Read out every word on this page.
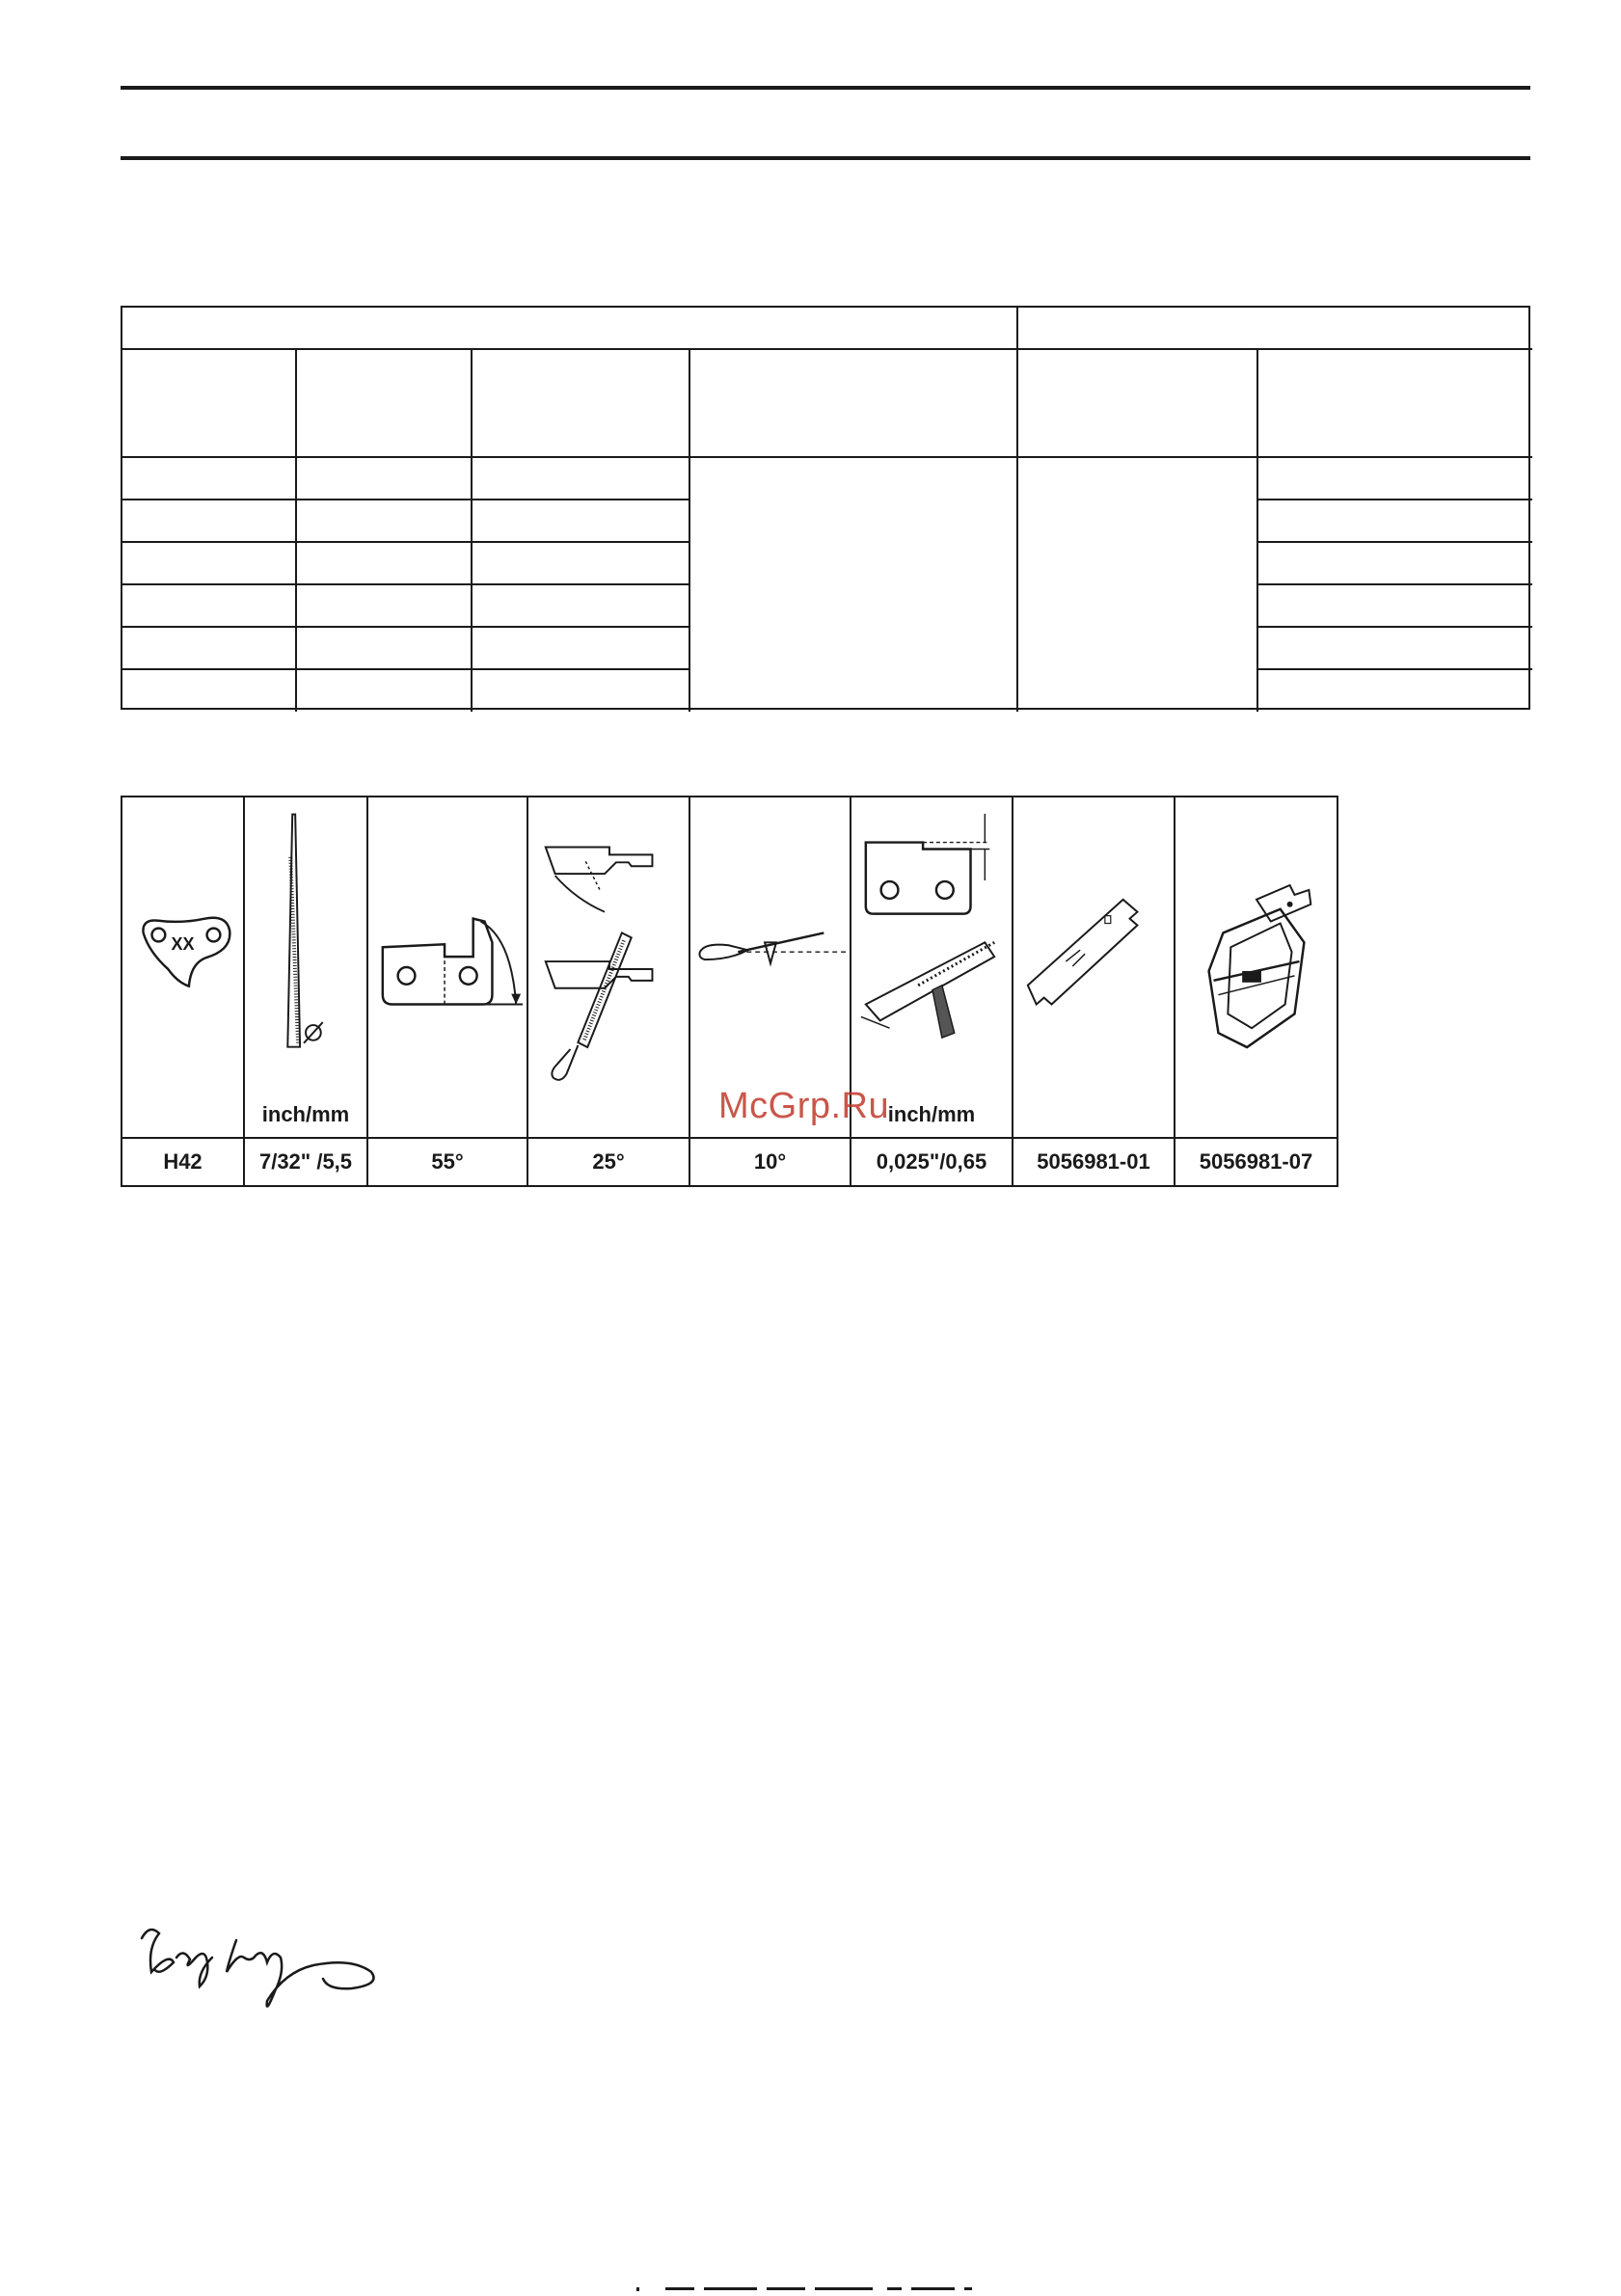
XX	inch/mm				inch/mm

H42	7/32" /5,5	55°	25°	10°	0,025"/0,65	5056981-01	5056981-07
McGrp.Ru
